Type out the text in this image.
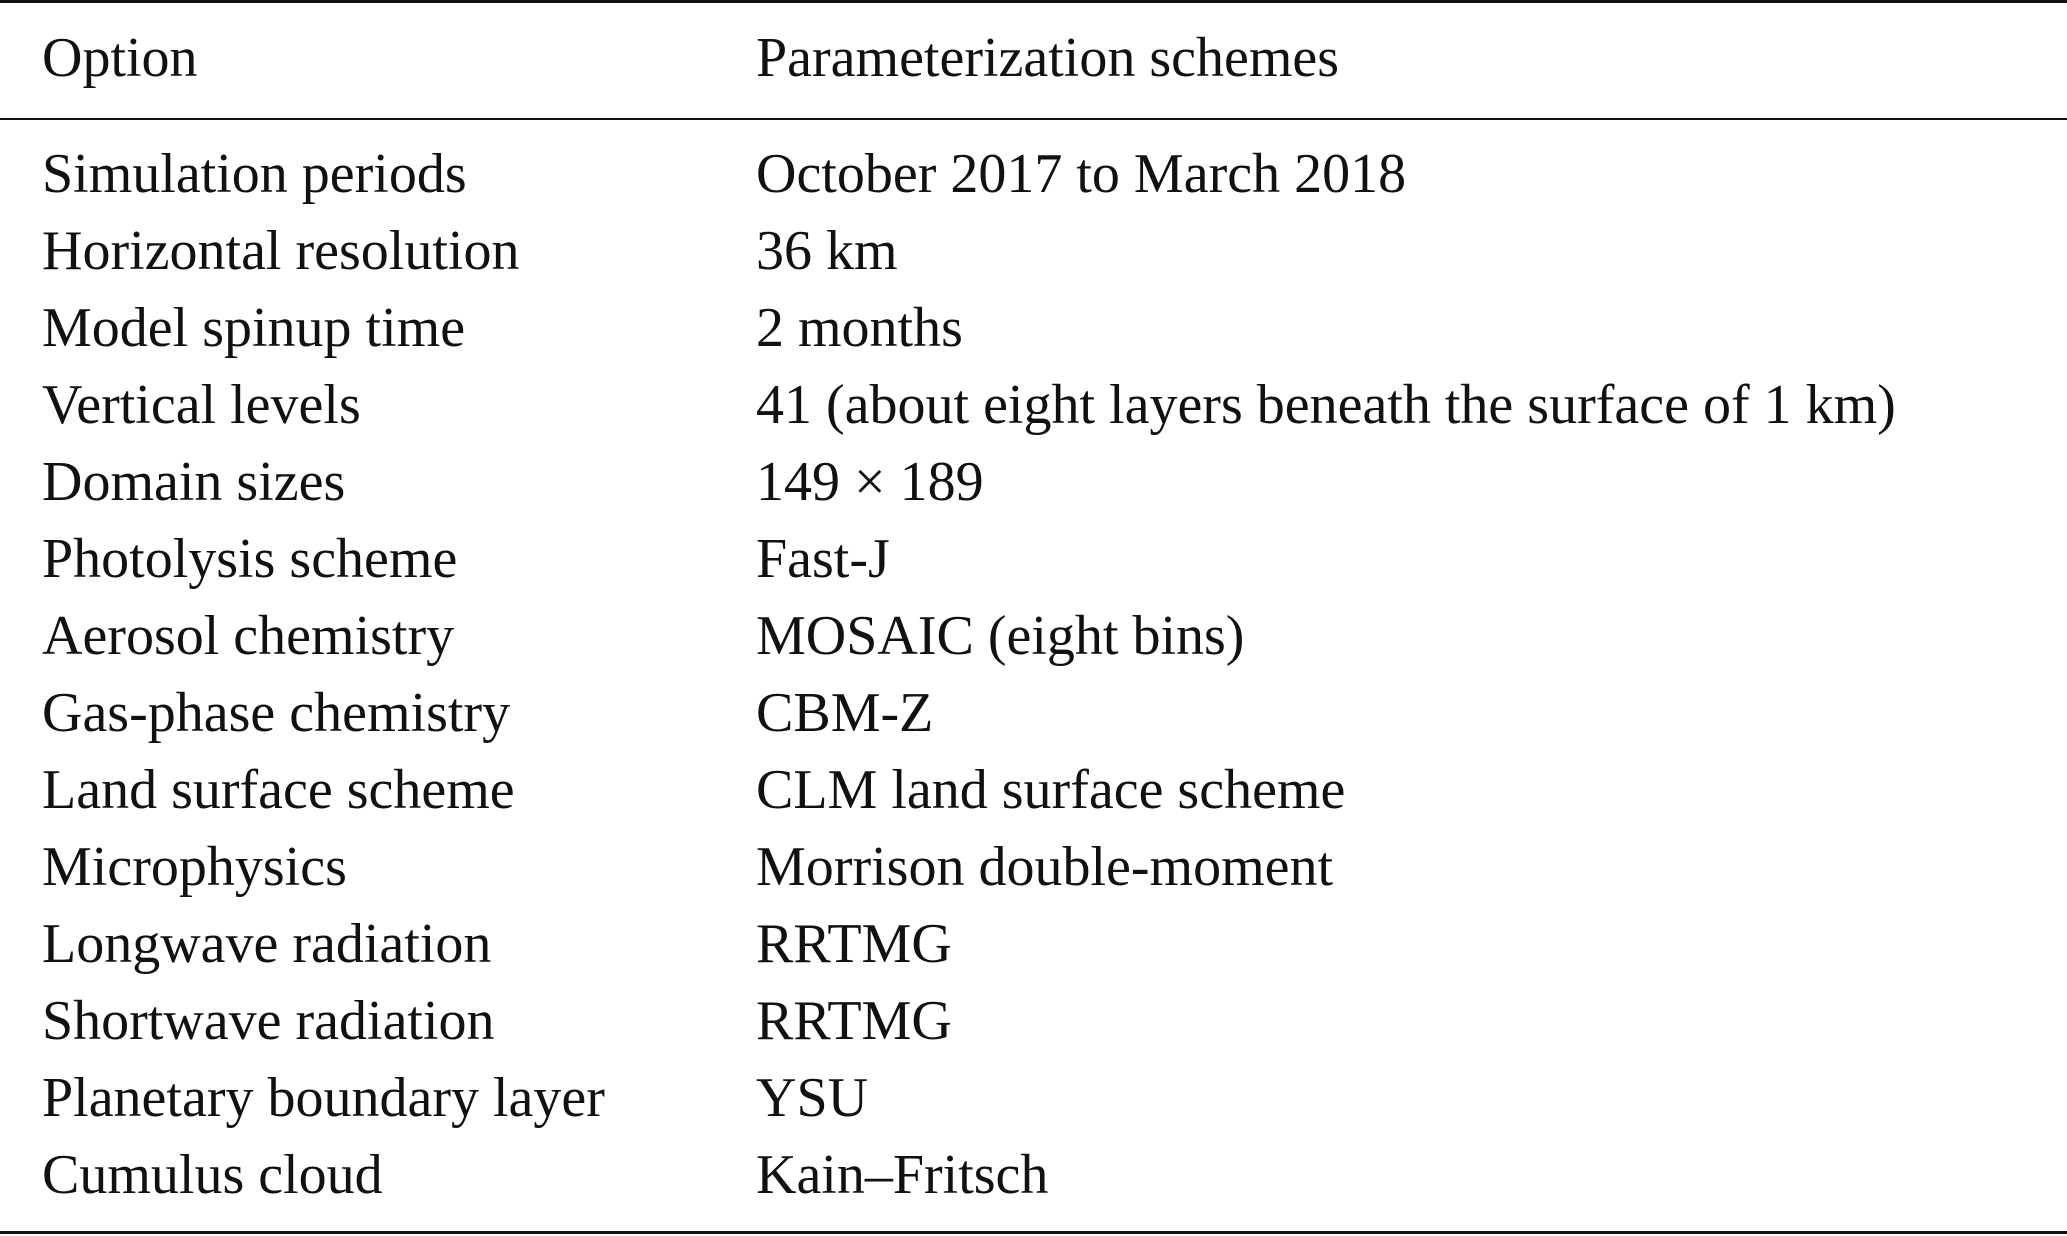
Option	Parameterization schemes
Simulation periods	October 2017 to March 2018
Horizontal resolution	36 km
Model spinup time	2 months
Vertical levels	41 (about eight layers beneath the surface of 1 km)
Domain sizes	149 × 189
Photolysis scheme	Fast-J
Aerosol chemistry	MOSAIC (eight bins)
Gas-phase chemistry	CBM-Z
Land surface scheme	CLM land surface scheme
Microphysics	Morrison double-moment
Longwave radiation	RRTMG
Shortwave radiation	RRTMG
Planetary boundary layer	YSU
Cumulus cloud	Kain–Fritsch
